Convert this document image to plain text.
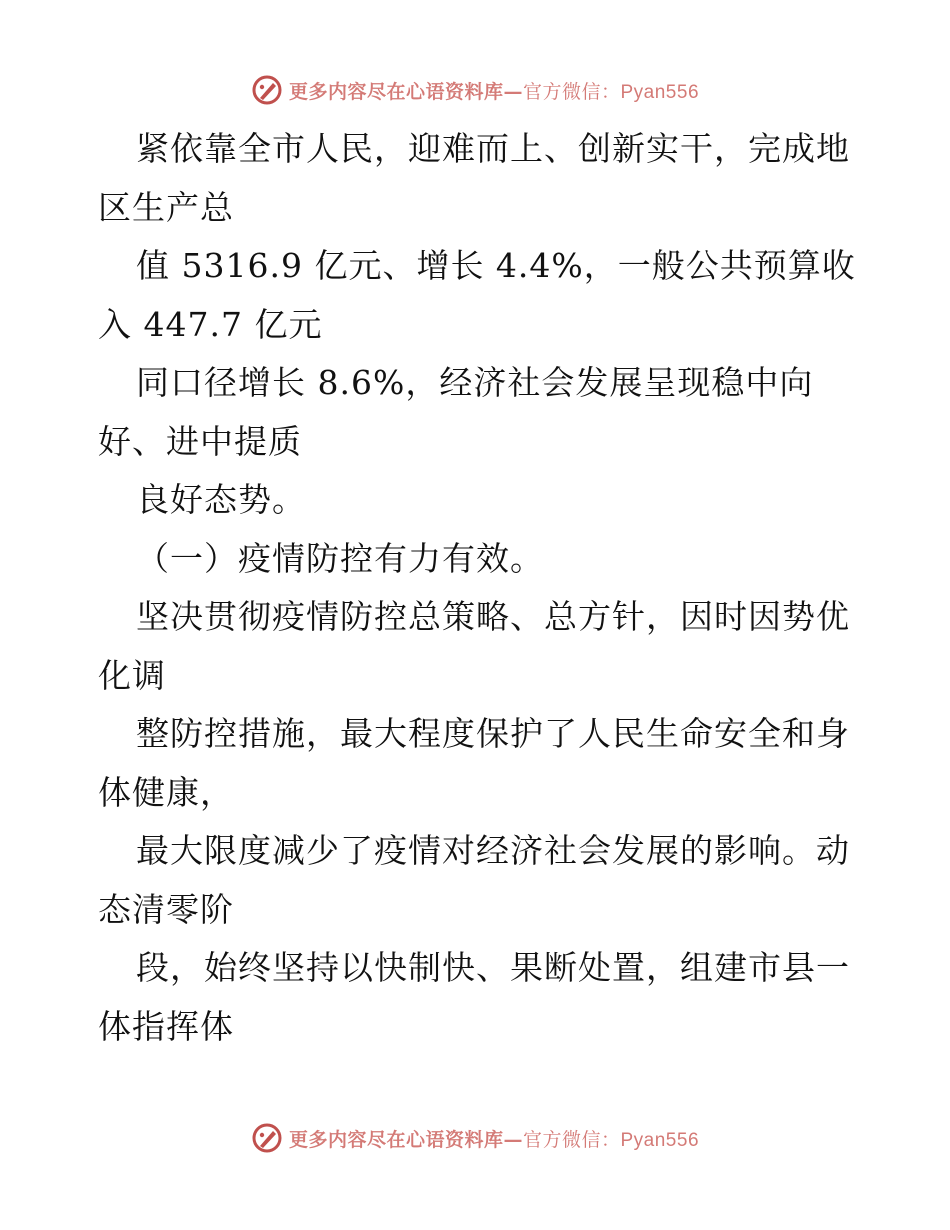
更多内容尽在心语资料库—官方微信：Pyan556
紧依靠全市人民，迎难而上、创新实干，完成地
区生产总
值 5316.9 亿元、增长 4.4%，一般公共预算收
入 447.7 亿元
同口径增长 8.6%，经济社会发展呈现稳中向
好、进中提质
良好态势。
（一）疫情防控有力有效。
坚决贯彻疫情防控总策略、总方针，因时因势优
化调
整防控措施，最大程度保护了人民生命安全和身
体健康，
最大限度减少了疫情对经济社会发展的影响。动
态清零阶
段，始终坚持以快制快、果断处置，组建市县一
体指挥体
更多内容尽在心语资料库—官方微信：Pyan556
